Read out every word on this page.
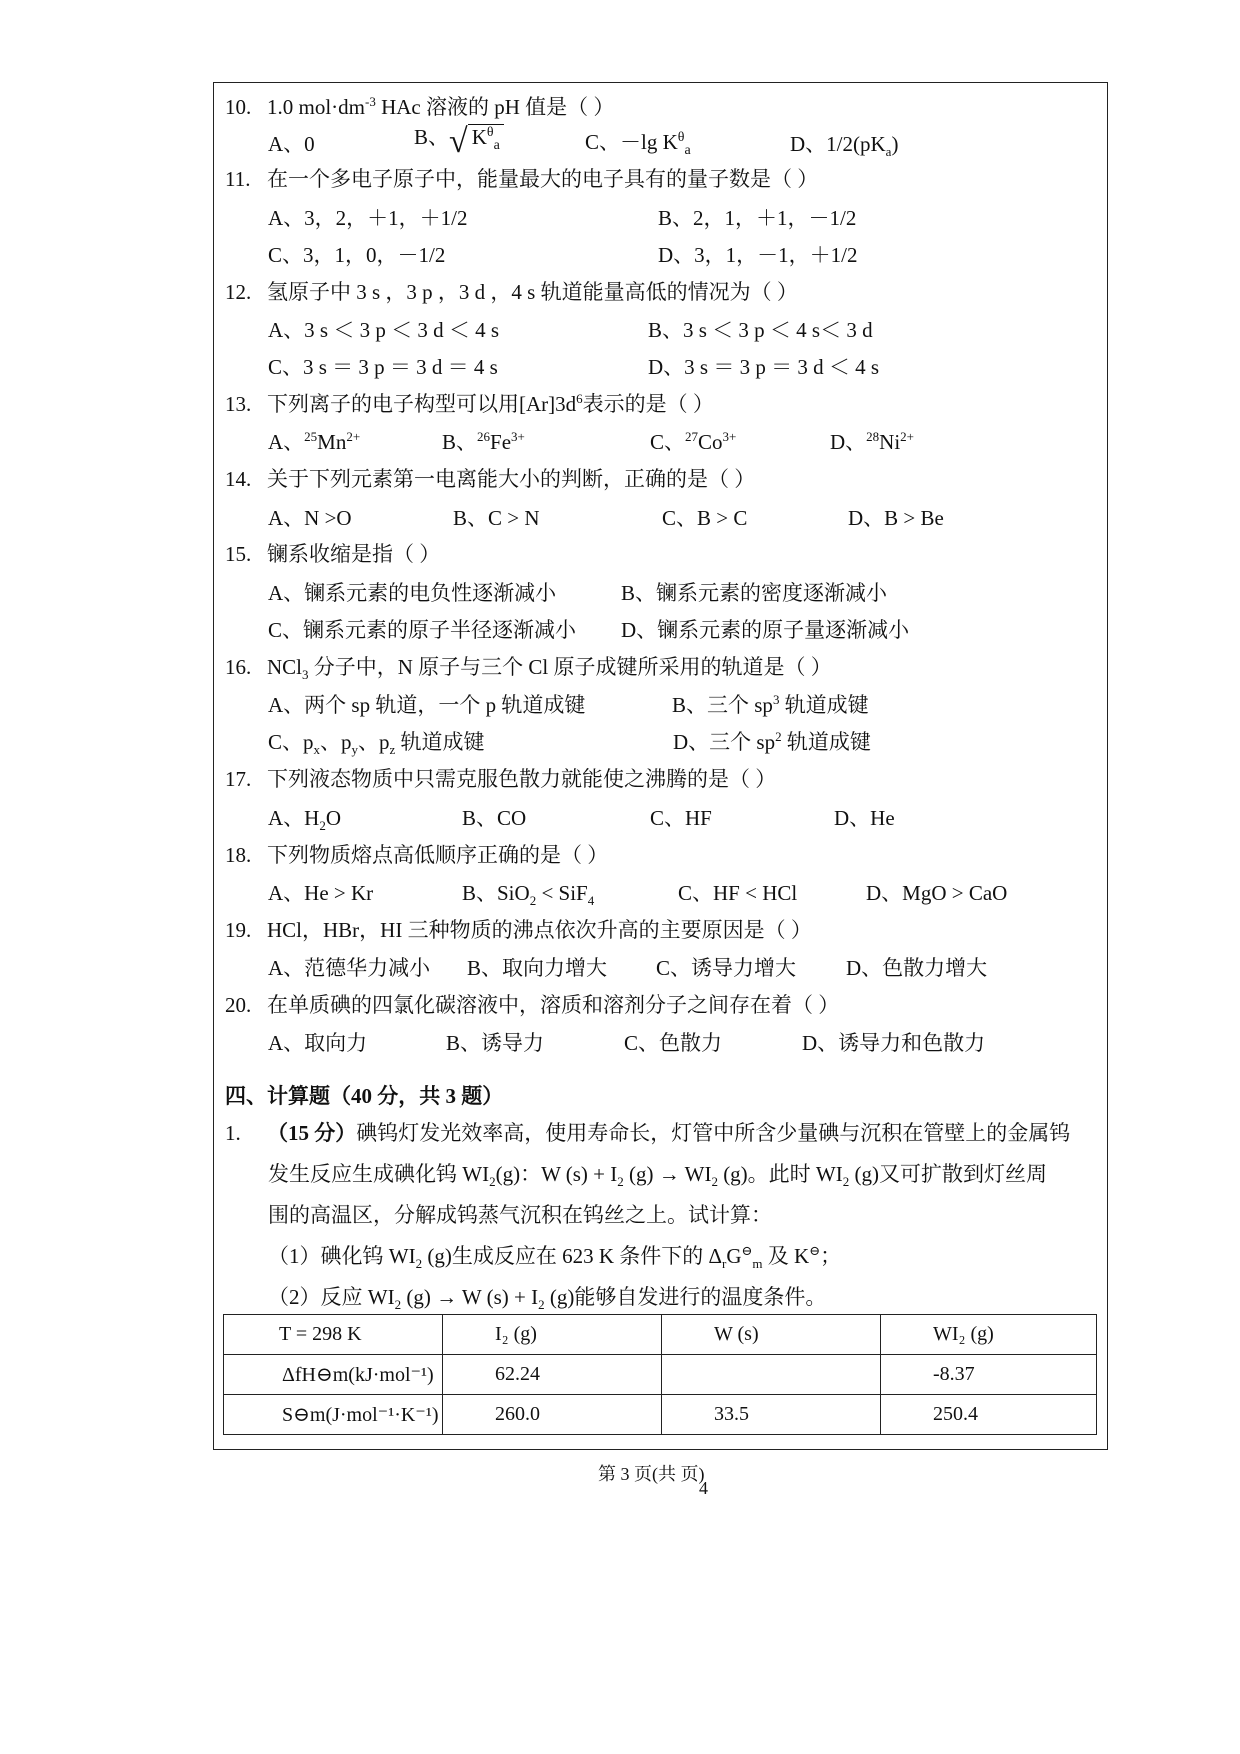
10. 1.0 $mol\cdot dm^{-3}$ HAc 溶液的 pH 值是（ ）
A、0	B、√ $K^\theta_a$	C、－lg $K^\theta_a$	D、$1/2(pK_a)$
11. 在一个多电子原子中，能量最大的电子具有的量子数是（ ）
A、3，2，＋1，＋1/2	B、2，1，＋1，－1/2
C、3，1，0，－1/2	D、3，1，－1，＋1/2
12. 氢原子中 3 s ，3 p ，3 d ，4 s 轨道能量高低的情况为（ ）
A、3 s ＜ 3 p ＜ 3 d ＜ 4 s	B、3 s ＜ 3 p ＜ 4 s＜ 3 d
C、3 s ＝ 3 p ＝ 3 d ＝ 4 s	D、3 s ＝ 3 p ＝ 3 d ＜ 4 s
13. 下列离子的电子构型可以用$[Ar]3d^6$表示的是（ ）
A、$^{25}Mn^{2+}$	B、$^{26}Fe^{3+}$	C、$^{27}Co^{3+}$	D、$^{28}Ni^{2+}$
14. 关于下列元素第一电离能大小的判断，正确的是（ ）
A、N >O	B、C > N	C、B > C	D、B > Be
15. 镧系收缩是指（ ）
A、镧系元素的电负性逐渐减小	B、镧系元素的密度逐渐减小
C、镧系元素的原子半径逐渐减小 D、镧系元素的原子量逐渐减小
16. NCl$_3$ 分子中，N 原子与三个 Cl 原子成键所采用的轨道是（ ）
A、两个 sp 轨道，一个 p 轨道成键	B、三个 $sp^3$ 轨道成键
C、$p_x$、$p_y$、$p_z$ 轨道成键	D、三个 $sp^2$ 轨道成键
17. 下列液态物质中只需克服色散力就能使之沸腾的是（ ）
A、$H_2O$	B、CO	C、HF	D、He
18. 下列物质熔点高低顺序正确的是（ ）
A、He > Kr	B、SiO$_2$ < SiF$_4$	C、HF < HCl	D、MgO > CaO
19. HCl，HBr，HI 三种物质的沸点依次升高的主要原因是（ ）
A、范德华力减小 B、取向力增大 C、诱导力增大 D、色散力增大
20. 在单质碘的四氯化碳溶液中，溶质和溶剂分子之间存在着（ ）
A、取向力	B、诱导力	C、色散力	D、诱导力和色散力
四、计算题（40 分，共 3 题）
1. （15 分）碘钨灯发光效率高，使用寿命长，灯管中所含少量碘与沉积在管壁上的金属钨
发生反应生成碘化钨 $WI_2(g)$：W $(s) + I_2$ $(g) \to WI_2$ (g)。此时 $WI_2$ (g)又可扩散到灯丝周
围的高温区，分解成钨蒸气沉积在钨丝之上。试计算：
（1）碘化钨 $WI_2$ (g)生成反应在 623 K 条件下的 $\Delta_rG^⊖_m$ 及 K⊖；
（2）反应 $WI_2$ (g) → W $(s) + I_2$ (g)能够自发进行的温度条件。
T = 298 K	I₂ (g)	W (s)	WI₂ (g)
ΔfH⊖m(kJ·mol⁻¹)	62.24		-8.37
S⊖m(J·mol⁻¹·K⁻¹)	260.0	33.5	250.4
第 3 页(共 页)
4
